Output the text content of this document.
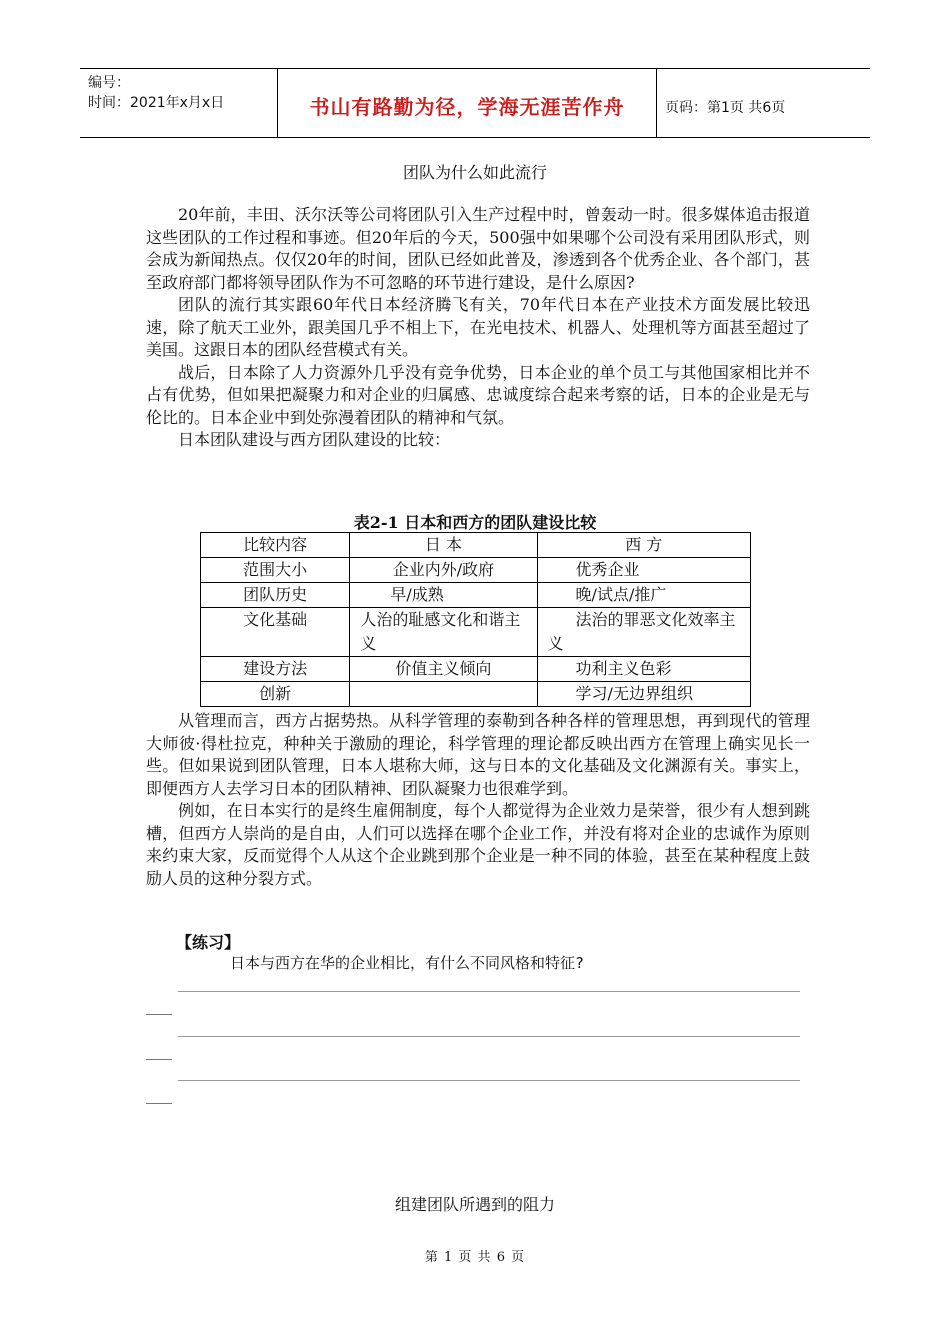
编号：
时间：2021年x月x日	书山有路勤为径，学海无涯苦作舟	页码：第1页 共6页
团队为什么如此流行

20年前，丰田、沃尔沃等公司将团队引入生产过程中时，曾轰动一时。很多媒体追击报道这些团队的工作过程和事迹。但20年后的今天，500强中如果哪个公司没有采用团队形式，则会成为新闻热点。仅仅20年的时间，团队已经如此普及，渗透到各个优秀企业、各个部门，甚至政府部门都将领导团队作为不可忽略的环节进行建设，是什么原因?

团队的流行其实跟60年代日本经济腾飞有关，70年代日本在产业技术方面发展比较迅速，除了航天工业外，跟美国几乎不相上下，在光电技术、机器人、处理机等方面甚至超过了美国。这跟日本的团队经营模式有关。

战后，日本除了人力资源外几乎没有竞争优势，日本企业的单个员工与其他国家相比并不占有优势，但如果把凝聚力和对企业的归属感、忠诚度综合起来考察的话，日本的企业是无与伦比的。日本企业中到处弥漫着团队的精神和气氛。

日本团队建设与西方团队建设的比较：

表2-1 日本和西方的团队建设比较
比较内容	日 本	西 方
范围大小	企业内外/政府	优秀企业
团队历史	早/成熟	晚/试点/推广
文化基础	人治的耻感文化和谐主义	法治的罪恶文化效率主义
建设方法	价值主义倾向	功利主义色彩
创新		学习/无边界组织

从管理而言，西方占据势热。从科学管理的泰勒到各种各样的管理思想，再到现代的管理大师彼·得杜拉克，种种关于激励的理论，科学管理的理论都反映出西方在管理上确实见长一些。但如果说到团队管理，日本人堪称大师，这与日本的文化基础及文化渊源有关。事实上，即便西方人去学习日本的团队精神、团队凝聚力也很难学到。

例如，在日本实行的是终生雇佣制度，每个人都觉得为企业效力是荣誉，很少有人想到跳槽，但西方人崇尚的是自由，人们可以选择在哪个企业工作，并没有将对企业的忠诚作为原则来约束大家，反而觉得个人从这个企业跳到那个企业是一种不同的体验，甚至在某种程度上鼓励人员的这种分裂方式。

【练习】
日本与西方在华的企业相比，有什么不同风格和特征?
组建团队所遇到的阻力
第 1 页 共 6 页
